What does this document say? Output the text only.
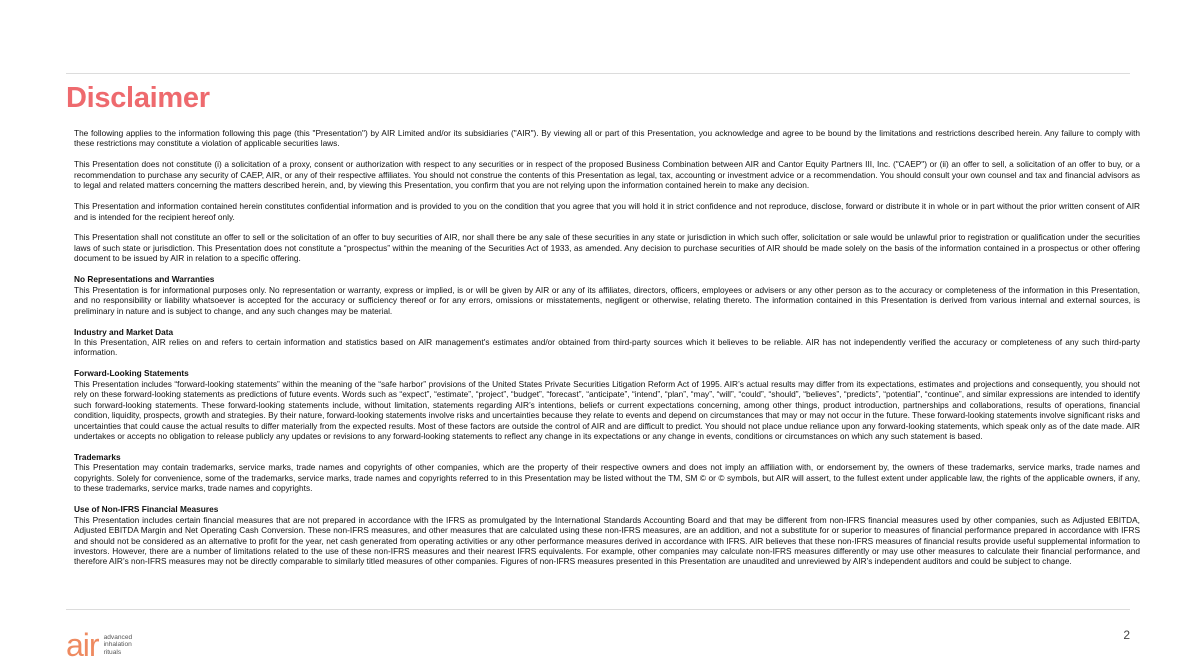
Disclaimer

The following applies to the information following this page (this "Presentation") by AIR Limited and/or its subsidiaries ("AIR"). By viewing all or part of this Presentation, you acknowledge and agree to be bound by the limitations and restrictions described herein. Any failure to comply with these restrictions may constitute a violation of applicable securities laws.

This Presentation does not constitute (i) a solicitation of a proxy, consent or authorization with respect to any securities or in respect of the proposed Business Combination between AIR and Cantor Equity Partners III, Inc. ("CAEP") or (ii) an offer to sell, a solicitation of an offer to buy, or a recommendation to purchase any security of CAEP, AIR, or any of their respective affiliates. You should not construe the contents of this Presentation as legal, tax, accounting or investment advice or a recommendation. You should consult your own counsel and tax and financial advisors as to legal and related matters concerning the matters described herein, and, by viewing this Presentation, you confirm that you are not relying upon the information contained herein to make any decision.

This Presentation and information contained herein constitutes confidential information and is provided to you on the condition that you agree that you will hold it in strict confidence and not reproduce, disclose, forward or distribute it in whole or in part without the prior written consent of AIR and is intended for the recipient hereof only.

This Presentation shall not constitute an offer to sell or the solicitation of an offer to buy securities of AIR, nor shall there be any sale of these securities in any state or jurisdiction in which such offer, solicitation or sale would be unlawful prior to registration or qualification under the securities laws of such state or jurisdiction. This Presentation does not constitute a “prospectus” within the meaning of the Securities Act of 1933, as amended. Any decision to purchase securities of AIR should be made solely on the basis of the information contained in a prospectus or other offering document to be issued by AIR in relation to a specific offering.

No Representations and Warranties
This Presentation is for informational purposes only. No representation or warranty, express or implied, is or will be given by AIR or any of its affiliates, directors, officers, employees or advisers or any other person as to the accuracy or completeness of the information in this Presentation, and no responsibility or liability whatsoever is accepted for the accuracy or sufficiency thereof or for any errors, omissions or misstatements, negligent or otherwise, relating thereto. The information contained in this Presentation is derived from various internal and external sources, is preliminary in nature and is subject to change, and any such changes may be material.

Industry and Market Data
In this Presentation, AIR relies on and refers to certain information and statistics based on AIR management's estimates and/or obtained from third-party sources which it believes to be reliable. AIR has not independently verified the accuracy or completeness of any such third-party information.

Forward-Looking Statements
This Presentation includes “forward-looking statements” within the meaning of the “safe harbor” provisions of the United States Private Securities Litigation Reform Act of 1995. AIR’s actual results may differ from its expectations, estimates and projections and consequently, you should not rely on these forward-looking statements as predictions of future events. Words such as “expect”, “estimate”, “project”, “budget”, “forecast”, “anticipate”, “intend”, “plan”, “may”, “will”, “could”, “should”, “believes”, “predicts”, “potential”, “continue”, and similar expressions are intended to identify such forward-looking statements. These forward-looking statements include, without limitation, statements regarding AIR’s intentions, beliefs or current expectations concerning, among other things, product introduction, partnerships and collaborations, results of operations, financial condition, liquidity, prospects, growth and strategies. By their nature, forward-looking statements involve risks and uncertainties because they relate to events and depend on circumstances that may or may not occur in the future. These forward-looking statements involve significant risks and uncertainties that could cause the actual results to differ materially from the expected results. Most of these factors are outside the control of AIR and are difficult to predict. You should not place undue reliance upon any forward-looking statements, which speak only as of the date made. AIR undertakes or accepts no obligation to release publicly any updates or revisions to any forward-looking statements to reflect any change in its expectations or any change in events, conditions or circumstances on which any such statement is based.

Trademarks
This Presentation may contain trademarks, service marks, trade names and copyrights of other companies, which are the property of their respective owners and does not imply an affiliation with, or endorsement by, the owners of these trademarks, service marks, trade names and copyrights. Solely for convenience, some of the trademarks, service marks, trade names and copyrights referred to in this Presentation may be listed without the TM, SM © or © symbols, but AIR will assert, to the fullest extent under applicable law, the rights of the applicable owners, if any, to these trademarks, service marks, trade names and copyrights.

Use of Non-IFRS Financial Measures
This Presentation includes certain financial measures that are not prepared in accordance with the IFRS as promulgated by the International Standards Accounting Board and that may be different from non-IFRS financial measures used by other companies, such as Adjusted EBITDA, Adjusted EBITDA Margin and Net Operating Cash Conversion. These non-IFRS measures, and other measures that are calculated using these non-IFRS measures, are an addition, and not a substitute for or superior to measures of financial performance prepared in accordance with IFRS and should not be considered as an alternative to profit for the year, net cash generated from operating activities or any other performance measures derived in accordance with IFRS. AIR believes that these non-IFRS measures of financial results provide useful supplemental information to investors. However, there are a number of limitations related to the use of these non-IFRS measures and their nearest IFRS equivalents. For example, other companies may calculate non-IFRS measures differently or may use other measures to calculate their financial performance, and therefore AIR’s non-IFRS measures may not be directly comparable to similarly titled measures of other companies. Figures of non-IFRS measures presented in this Presentation are unaudited and unreviewed by AIR’s independent auditors and could be subject to change.

air advanced
inhalation
rituals
2
